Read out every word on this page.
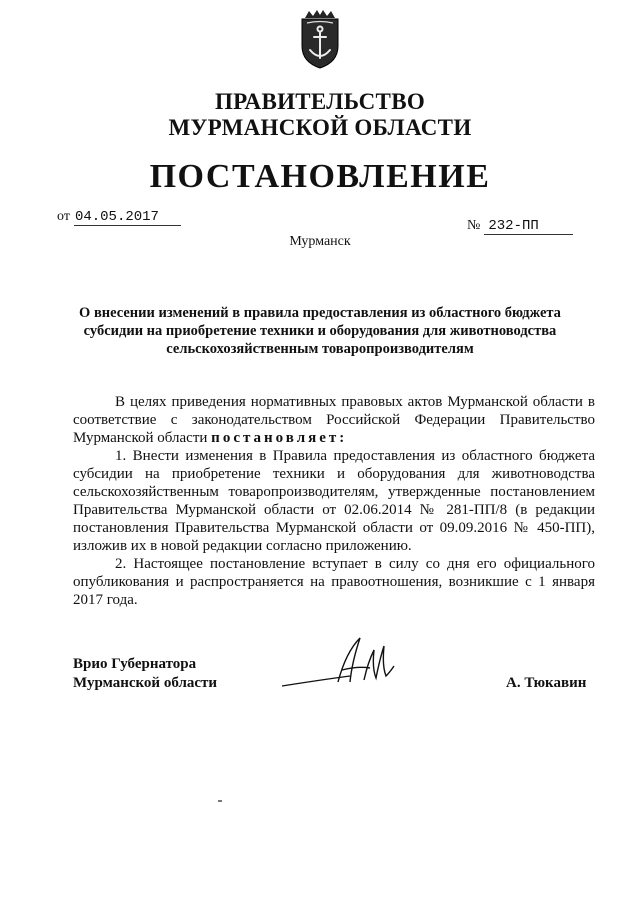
ПРАВИТЕЛЬСТВО
МУРМАНСКОЙ ОБЛАСТИ
ПОСТАНОВЛЕНИЕ
от 04.05.2017
№ 232-ПП
Мурманск
О внесении изменений в правила предоставления из областного бюджета
субсидии на приобретение техники и оборудования для животноводства
сельскохозяйственным товаропроизводителям

В целях приведения нормативных правовых актов Мурманской области в соответствие с законодательством Российской Федерации Правительство Мурманской области постановляет:

1. Внести изменения в Правила предоставления из областного бюджета субсидии на приобретение техники и оборудования для животноводства сельскохозяйственным товаропроизводителям, утвержденные постановлением Правительства Мурманской области от 02.06.2014 № 281-ПП/8 (в редакции постановления Правительства Мурманской области от 09.09.2016 № 450-ПП), изложив их в новой редакции согласно приложению.

2. Настоящее постановление вступает в силу со дня его официального опубликования и распространяется на правоотношения, возникшие с 1 января 2017 года.

Врио Губернатора
Мурманской области	А. Тюкавин
